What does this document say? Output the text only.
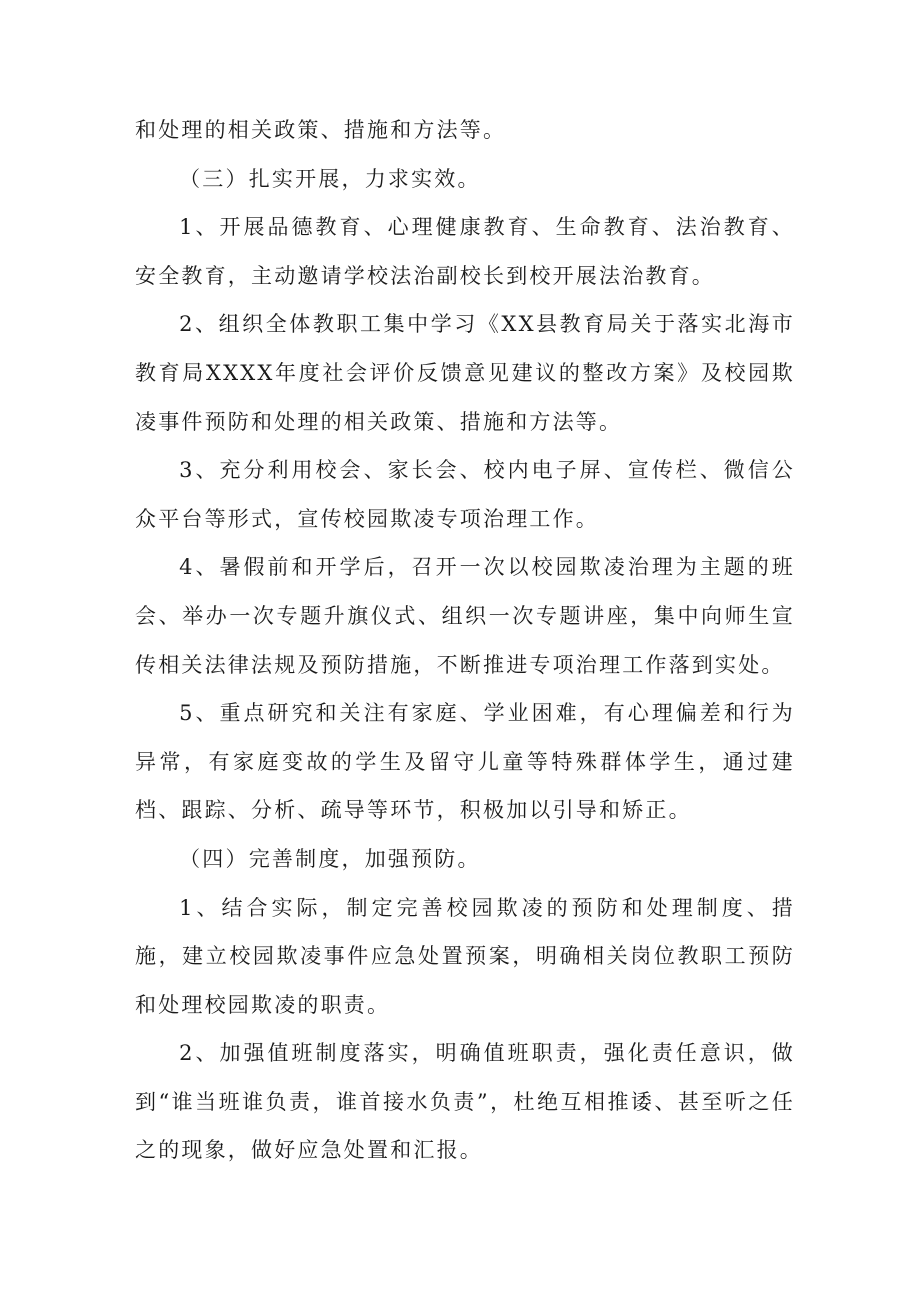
和处理的相关政策、措施和方法等。

（三）扎实开展，力求实效。

1、开展品德教育、心理健康教育、生命教育、法治教育、安全教育，主动邀请学校法治副校长到校开展法治教育。

2、组织全体教职工集中学习《XX县教育局关于落实北海市教育局XXXX年度社会评价反馈意见建议的整改方案》及校园欺凌事件预防和处理的相关政策、措施和方法等。

3、充分利用校会、家长会、校内电子屏、宣传栏、微信公众平台等形式，宣传校园欺凌专项治理工作。

4、暑假前和开学后，召开一次以校园欺凌治理为主题的班会、举办一次专题升旗仪式、组织一次专题讲座，集中向师生宣传相关法律法规及预防措施，不断推进专项治理工作落到实处。

5、重点研究和关注有家庭、学业困难，有心理偏差和行为异常，有家庭变故的学生及留守儿童等特殊群体学生，通过建档、跟踪、分析、疏导等环节，积极加以引导和矫正。

（四）完善制度，加强预防。

1、结合实际，制定完善校园欺凌的预防和处理制度、措施，建立校园欺凌事件应急处置预案，明确相关岗位教职工预防和处理校园欺凌的职责。

2、加强值班制度落实，明确值班职责，强化责任意识，做到“谁当班谁负责，谁首接水负责”，杜绝互相推诿、甚至听之任之的现象，做好应急处置和汇报。
